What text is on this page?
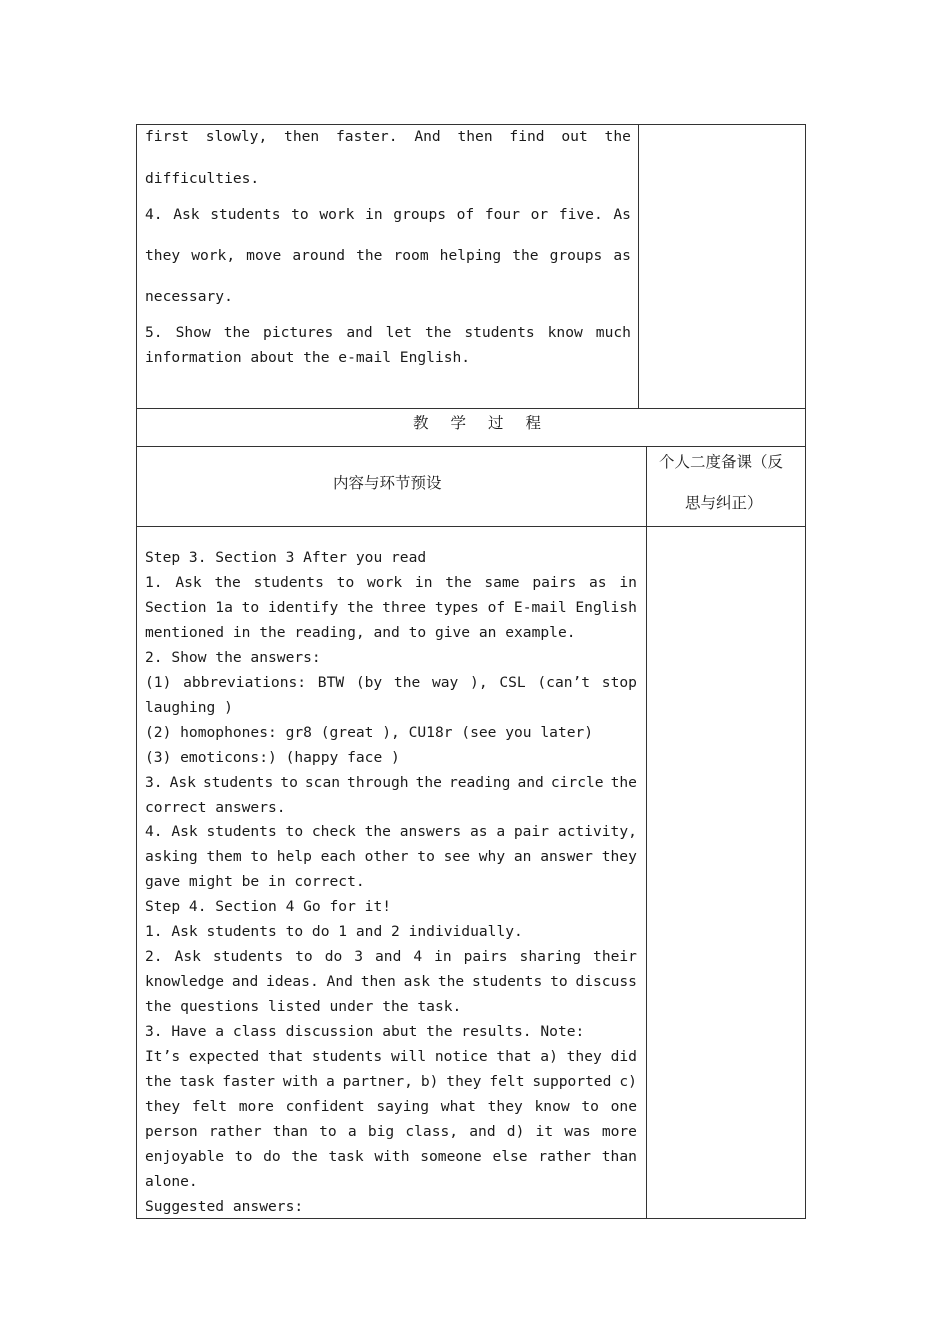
first slowly, then faster. And then find out the
difficulties.
4. Ask students to work in groups of four or five. As
they work, move around the room helping the groups as
necessary.
5. Show the pictures and let the students know much
information about the e-mail English.
教学过程
内容与环节预设
个人二度备课（反
思与纠正）
Step 3. Section 3 After you read
1. Ask the students to work in the same pairs as in
Section 1a to identify the three types of E-mail English
mentioned in the reading, and to give an example.
2. Show the answers:
(1) abbreviations: BTW (by the way ), CSL (can’t stop
laughing )
(2) homophones: gr8 (great ), CU18r (see you later)
(3) emoticons:) (happy face )
3. Ask students to scan through the reading and circle the
correct answers.
4. Ask students to check the answers as a pair activity,
asking them to help each other to see why an answer they
gave might be in correct.
Step 4. Section 4 Go for it!
1. Ask students to do 1 and 2 individually.
2. Ask students to do 3 and 4 in pairs sharing their
knowledge and ideas. And then ask the students to discuss
the questions listed under the task.
3. Have a class discussion abut the results. Note:
It’s expected that students will notice that a) they did
the task faster with a partner, b) they felt supported c)
they felt more confident saying what they know to one
person rather than to a big class, and d) it was more
enjoyable to do the task with someone else rather than
alone.
Suggested answers:
